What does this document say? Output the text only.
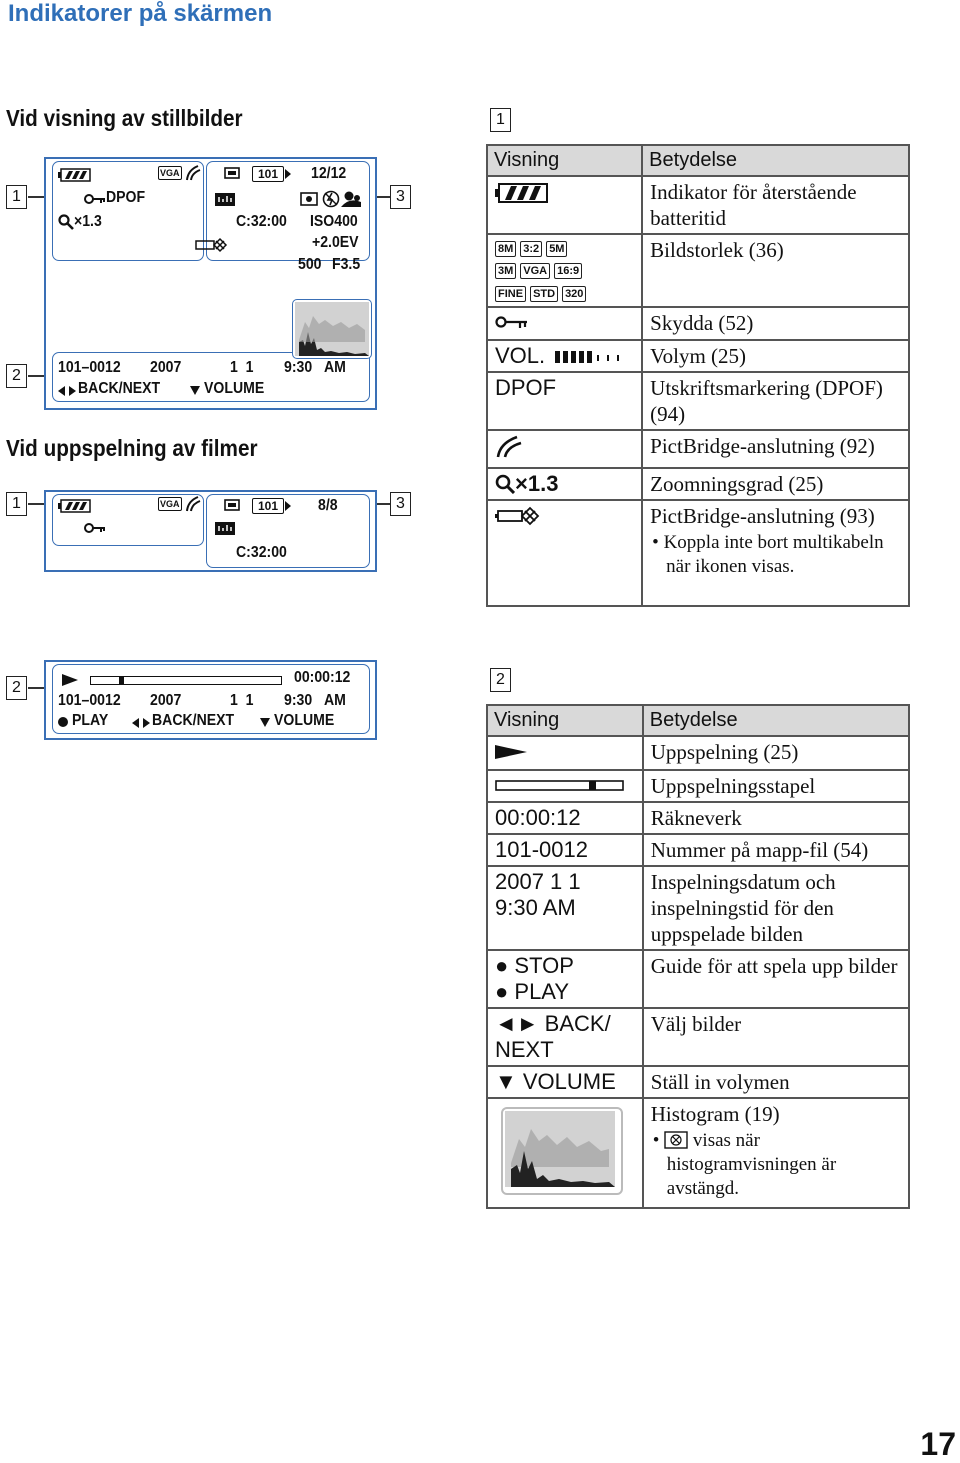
Indikatorer på skärmen
Vid visning av stillbilder
Vid uppspelning av filmer
1
2
3
1	3
2
VGA
DPOF
×1.3
101	12/12
C:32:00 ISO400
+2.0EV
500 F3.5
101–0012 2007	1  1 9:30 AM
BACK/NEXT	VOLUME
VGA	101	8/8
C:32:00
00:00:12
101–0012 2007	1  1 9:30 AM
PLAY	BACK/NEXT VOLUME
1
Visning	Betydelse
	Indikator för återstående batteritid

8M 3:2 5M
3M VGA 16:9
FINE STD 320	Bildstorlek (36)
	Skydda (52)
VOL.	Volym (25)
DPOF	Utskriftsmarkering (DPOF) (94)
	PictBridge-anslutning (92)
×1.3	Zoomningsgrad (25)
	PictBridge-anslutning (93)
• Koppla inte bort multikabeln när ikonen visas.
2
Visning	Betydelse
	Uppspelning (25)
	Uppspelningsstapel
00:00:12	Räkneverk
101-0012	Nummer på mapp-fil (54)
2007 1 1
9:30 AM	Inspelningsdatum och inspelningstid för den uppspelade bilden
● STOP
● PLAY	Guide för att spela upp bilder
◄► BACK/
NEXT	Välj bilder
▼ VOLUME	Ställ in volymen

	Histogram (19)
•  visas när histogramvisningen är avstängd.
17
